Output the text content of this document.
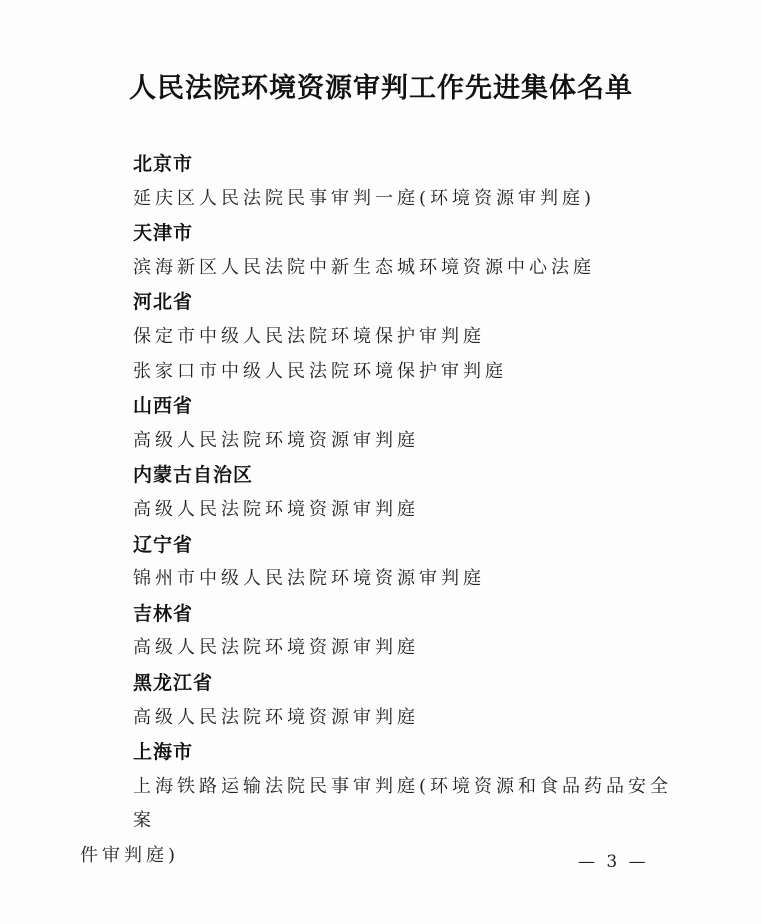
人民法院环境资源审判工作先进集体名单
北京市
延庆区人民法院民事审判一庭(环境资源审判庭)
天津市
滨海新区人民法院中新生态城环境资源中心法庭
河北省
保定市中级人民法院环境保护审判庭
张家口市中级人民法院环境保护审判庭
山西省
高级人民法院环境资源审判庭
内蒙古自治区
高级人民法院环境资源审判庭
辽宁省
锦州市中级人民法院环境资源审判庭
吉林省
高级人民法院环境资源审判庭
黑龙江省
高级人民法院环境资源审判庭
上海市
上海铁路运输法院民事审判庭(环境资源和食品药品安全案
件审判庭)	— 3 —
